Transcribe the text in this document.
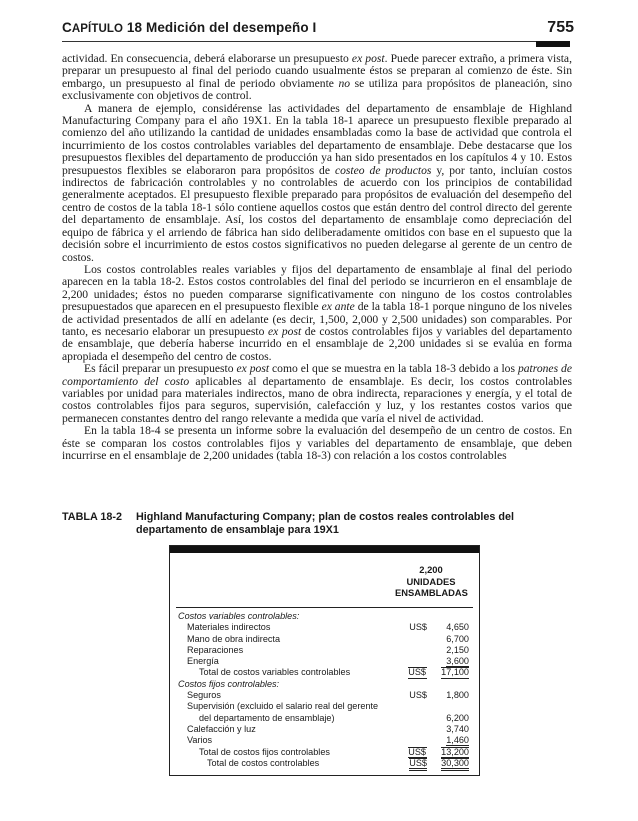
CAPÍTULO 18 Medición del desempeño I	755

actividad. En consecuencia, deberá elaborarse un presupuesto ex post. Puede parecer extraño, a primera vista, preparar un presupuesto al final del periodo cuando usualmente éstos se preparan al comienzo de éste. Sin embargo, un presupuesto al final de periodo obviamente no se utiliza para propósitos de planeación, sino exclusivamente con objetivos de control.

A manera de ejemplo, considérense las actividades del departamento de ensamblaje de Highland Manufacturing Company para el año 19X1. En la tabla 18-1 aparece un presupuesto flexible preparado al comienzo del año utilizando la cantidad de unidades ensambladas como la base de actividad que controla el incurrimiento de los costos controlables variables del departamento de ensamblaje. Debe destacarse que los presupuestos flexibles del departamento de producción ya han sido presentados en los capítulos 4 y 10. Estos presupuestos flexibles se elaboraron para propósitos de costeo de productos y, por tanto, incluían costos indirectos de fabricación controlables y no controlables de acuerdo con los principios de contabilidad generalmente aceptados. El presupuesto flexible preparado para propósitos de evaluación del desempeño del centro de costos de la tabla 18-1 sólo contiene aquellos costos que están dentro del control directo del gerente del departamento de ensamblaje. Así, los costos del departamento de ensamblaje como depreciación del equipo de fábrica y el arriendo de fábrica han sido deliberadamente omitidos con base en el supuesto que la decisión sobre el incurrimiento de estos costos significativos no pueden delegarse al gerente de un centro de costos.

Los costos controlables reales variables y fijos del departamento de ensamblaje al final del periodo aparecen en la tabla 18-2. Estos costos controlables del final del periodo se incurrieron en el ensamblaje de 2,200 unidades; éstos no pueden compararse significativamente con ninguno de los costos controlables presupuestados que aparecen en el presupuesto flexible ex ante de la tabla 18-1 porque ninguno de los niveles de actividad presentados de allí en adelante (es decir, 1,500, 2,000 y 2,500 unidades) son comparables. Por tanto, es necesario elaborar un presupuesto ex post de costos controlables fijos y variables del departamento de ensamblaje, que debería haberse incurrido en el ensamblaje de 2,200 unidades si se evalúa en forma apropiada el desempeño del centro de costos.

Es fácil preparar un presupuesto ex post como el que se muestra en la tabla 18-3 debido a los patrones de comportamiento del costo aplicables al departamento de ensamblaje. Es decir, los costos controlables variables por unidad para materiales indirectos, mano de obra indirecta, reparaciones y energía, y el total de costos controlables fijos para seguros, supervisión, calefacción y luz, y los restantes costos varios que permanecen constantes dentro del rango relevante a medida que varía el nivel de actividad.

En la tabla 18-4 se presenta un informe sobre la evaluación del desempeño de un centro de costos. En éste se comparan los costos controlables fijos y variables del departamento de ensamblaje, que deben incurrirse en el ensamblaje de 2,200 unidades (tabla 18-3) con relación a los costos controlables

TABLA 18-2 Highland Manufacturing Company; plan de costos reales controlables del departamento de ensamblaje para 19X1
2,200
UNIDADES
ENSAMBLADAS
Costos variables controlables:
Materiales indirectos	US$ 4,650
Mano de obra indirecta	6,700
Reparaciones	2,150
Energía	3,600
Total de costos variables controlables	US$ 17,100
Costos fijos controlables:
Seguros	US$ 1,800
Supervisión (excluido el salario real del gerente
del departamento de ensamblaje)	6,200
Calefacción y luz	3,740
Varios	1,460
Total de costos fijos controlables	US$ 13,200
Total de costos controlables	US$ 30,300
